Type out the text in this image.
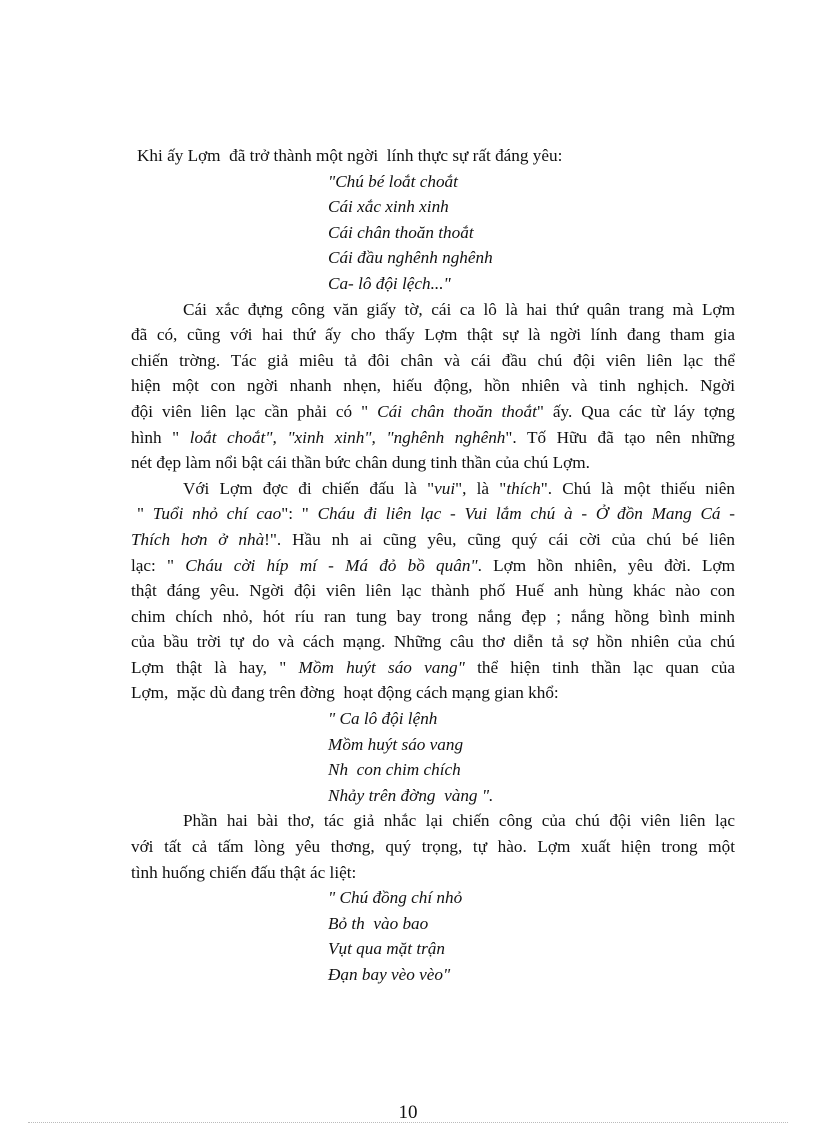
Khi ấy Lợm  đã trở thành một ngời  lính thực sự rất đáng yêu:
"Chú bé loắt choắt
Cái xắc xinh xinh
Cái chân thoăn thoắt
Cái đầu nghênh nghênh
Ca- lô đội lệch..."
Cái xắc đựng công văn giấy tờ, cái ca lô là hai thứ quân trang mà Lợm
đã có, cũng với hai thứ ấy cho thấy Lợm thật sự là ngời lính đang tham gia
chiến trờng. Tác giả miêu tả đôi chân và cái đầu chú đội viên liên lạc thể
hiện một con ngời nhanh nhẹn, hiếu động, hồn nhiên và tinh nghịch. Ngời
đội viên liên lạc cần phải có " Cái chân thoăn thoắt" ấy. Qua các từ láy tợng
hình " loắt choắt", "xinh xinh", "nghênh nghênh". Tố Hữu đã tạo nên những
nét đẹp làm nổi bật cái thần bức chân dung tinh thần của chú Lợm.
Với Lợm đợc đi chiến đấu là "vui", là "thích". Chú là một thiếu niên
" Tuổi nhỏ chí cao": " Cháu đi liên lạc - Vui lắm chú à - Ở đồn Mang Cá -
Thích hơn ở nhà!". Hầu nh ai cũng yêu, cũng quý cái cời của chú bé liên
lạc: " Cháu cời híp mí - Má đỏ bồ quân". Lợm hồn nhiên, yêu đời. Lợm
thật đáng yêu. Ngời đội viên liên lạc thành phố Huế anh hùng khác nào con
chim chích nhỏ, hót ríu ran tung bay trong nắng đẹp ; nắng hồng bình minh
của bầu trời tự do và cách mạng. Những câu thơ diễn tả sợ hồn nhiên của chú
Lợm thật là hay, " Mồm huýt sáo vang" thể hiện tinh thần lạc quan của
Lợm,  mặc dù đang trên đờng  hoạt động cách mạng gian khổ:
" Ca lô đội lệnh
Mồm huýt sáo vang
Nh  con chim chích
Nhảy trên đờng  vàng ".
Phần hai bài thơ, tác giả nhắc lại chiến công của chú đội viên liên lạc
với tất cả tấm lòng yêu thơng, quý trọng, tự hào. Lợm xuất hiện trong một
tình huống chiến đấu thật ác liệt:
" Chú đồng chí nhỏ
Bỏ th  vào bao
Vụt qua mặt trận
Đạn bay vèo vèo"
10
